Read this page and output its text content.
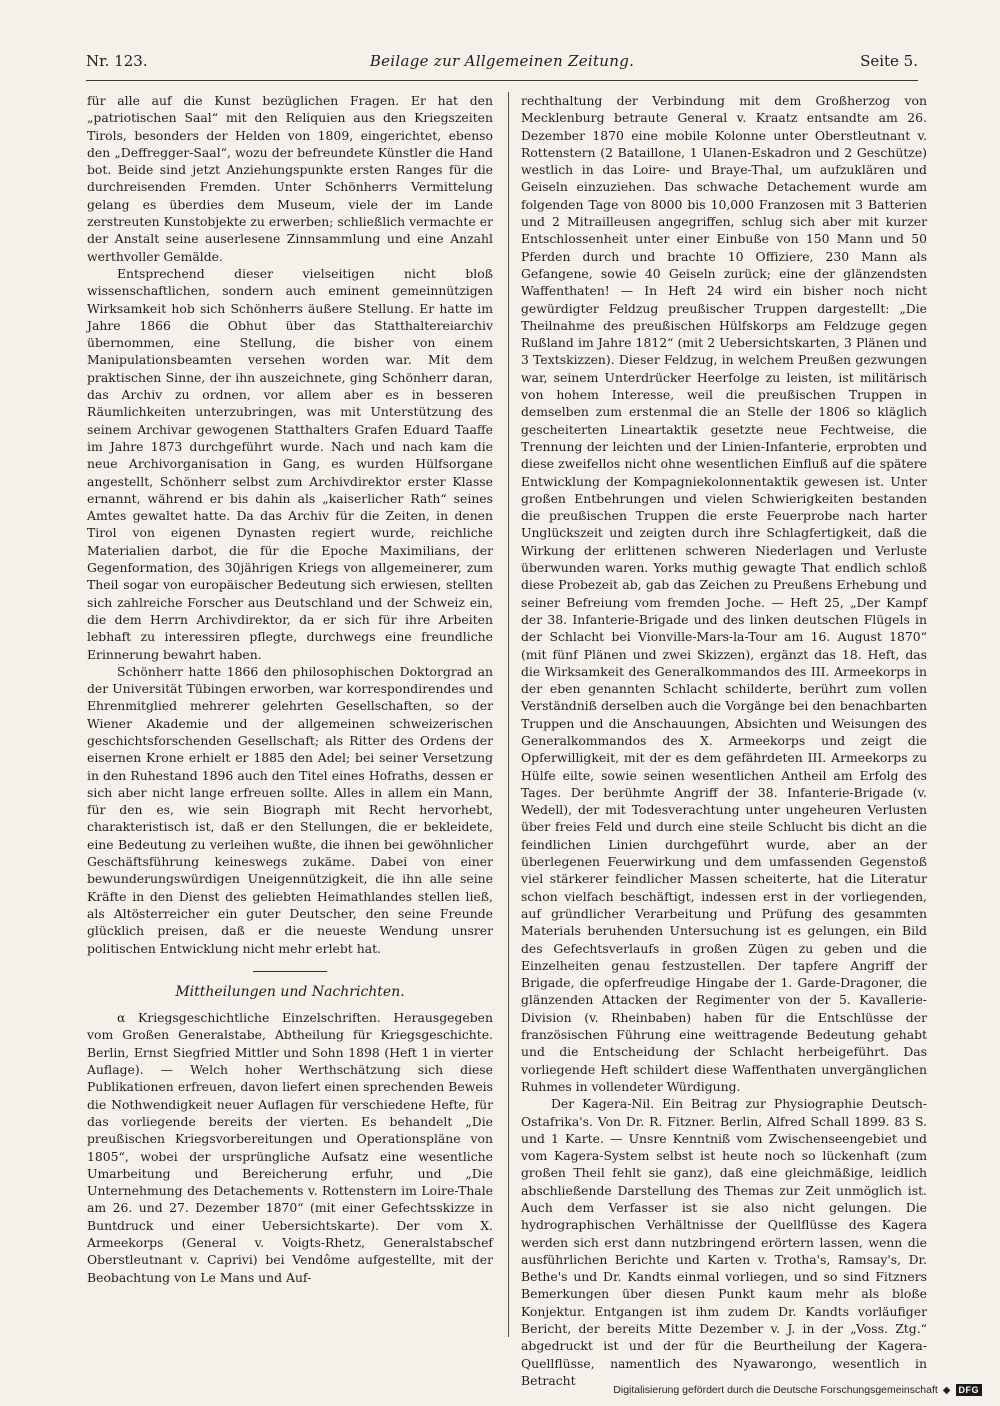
Nr. 123.	Beilage zur Allgemeinen Zeitung.	Seite 5.

für alle auf die Kunst bezüglichen Fragen. Er hat den „patriotischen Saal“ mit den Reliquien aus den Kriegszeiten Tirols, besonders der Helden von 1809, eingerichtet, ebenso den „Deffregger-Saal“, wozu der befreundete Künstler die Hand bot. Beide sind jetzt Anziehungspunkte ersten Ranges für die durchreisenden Fremden. Unter Schönherrs Vermittelung gelang es überdies dem Museum, viele der im Lande zerstreuten Kunstobjekte zu erwerben; schließlich vermachte er der Anstalt seine auserlesene Zinnsammlung und eine Anzahl werthvoller Gemälde.

Entsprechend dieser vielseitigen nicht bloß wissenschaftlichen, sondern auch eminent gemeinnützigen Wirksamkeit hob sich Schönherrs äußere Stellung. Er hatte im Jahre 1866 die Obhut über das Statthaltereiarchiv übernommen, eine Stellung, die bisher von einem Manipulationsbeamten versehen worden war. Mit dem praktischen Sinne, der ihn auszeichnete, ging Schönherr daran, das Archiv zu ordnen, vor allem aber es in besseren Räumlichkeiten unterzubringen, was mit Unterstützung des seinem Archivar gewogenen Statthalters Grafen Eduard Taaffe im Jahre 1873 durchgeführt wurde. Nach und nach kam die neue Archivorganisation in Gang, es wurden Hülfsorgane angestellt, Schönherr selbst zum Archivdirektor erster Klasse ernannt, während er bis dahin als „kaiserlicher Rath“ seines Amtes gewaltet hatte. Da das Archiv für die Zeiten, in denen Tirol von eigenen Dynasten regiert wurde, reichliche Materialien darbot, die für die Epoche Maximilians, der Gegenformation, des 30jährigen Kriegs von allgemeinerer, zum Theil sogar von europäischer Bedeutung sich erwiesen, stellten sich zahlreiche Forscher aus Deutschland und der Schweiz ein, die dem Herrn Archivdirektor, da er sich für ihre Arbeiten lebhaft zu interessiren pflegte, durchwegs eine freundliche Erinnerung bewahrt haben.

Schönherr hatte 1866 den philosophischen Doktorgrad an der Universität Tübingen erworben, war korrespondirendes und Ehrenmitglied mehrerer gelehrten Gesellschaften, so der Wiener Akademie und der allgemeinen schweizerischen geschichtsforschenden Gesellschaft; als Ritter des Ordens der eisernen Krone erhielt er 1885 den Adel; bei seiner Versetzung in den Ruhestand 1896 auch den Titel eines Hofraths, dessen er sich aber nicht lange erfreuen sollte. Alles in allem ein Mann, für den es, wie sein Biograph mit Recht hervorhebt, charakteristisch ist, daß er den Stellungen, die er bekleidete, eine Bedeutung zu verleihen wußte, die ihnen bei gewöhnlicher Geschäftsführung keineswegs zukäme. Dabei von einer bewunderungswürdigen Uneigennützigkeit, die ihn alle seine Kräfte in den Dienst des geliebten Heimathlandes stellen ließ, als Altösterreicher ein guter Deutscher, den seine Freunde glücklich preisen, daß er die neueste Wendung unsrer politischen Entwicklung nicht mehr erlebt hat.

Mittheilungen und Nachrichten.

α Kriegsgeschichtliche Einzelschriften. Herausgegeben vom Großen Generalstabe, Abtheilung für Kriegsgeschichte. Berlin, Ernst Siegfried Mittler und Sohn 1898 (Heft 1 in vierter Auflage). — Welch hoher Werthschätzung sich diese Publikationen erfreuen, davon liefert einen sprechenden Beweis die Nothwendigkeit neuer Auflagen für verschiedene Hefte, für das vorliegende bereits der vierten. Es behandelt „Die preußischen Kriegsvorbereitungen und Operationspläne von 1805“, wobei der ursprüngliche Aufsatz eine wesentliche Umarbeitung und Bereicherung erfuhr, und „Die Unternehmung des Detachements v. Rottenstern im Loire-Thale am 26. und 27. Dezember 1870“ (mit einer Gefechtsskizze in Buntdruck und einer Uebersichtskarte). Der vom X. Armeekorps (General v. Voigts-Rhetz, Generalstabschef Oberstleutnant v. Caprivi) bei Vendôme aufgestellte, mit der Beobachtung von Le Mans und Auf-

rechthaltung der Verbindung mit dem Großherzog von Mecklenburg betraute General v. Kraatz entsandte am 26. Dezember 1870 eine mobile Kolonne unter Oberstleutnant v. Rottenstern (2 Bataillone, 1 Ulanen-Eskadron und 2 Geschütze) westlich in das Loire- und Braye-Thal, um aufzuklären und Geiseln einzuziehen. Das schwache Detachement wurde am folgenden Tage von 8000 bis 10,000 Franzosen mit 3 Batterien und 2 Mitrailleusen angegriffen, schlug sich aber mit kurzer Entschlossenheit unter einer Einbuße von 150 Mann und 50 Pferden durch und brachte 10 Offiziere, 230 Mann als Gefangene, sowie 40 Geiseln zurück; eine der glänzendsten Waffenthaten! — In Heft 24 wird ein bisher noch nicht gewürdigter Feldzug preußischer Truppen dargestellt: „Die Theilnahme des preußischen Hülfskorps am Feldzuge gegen Rußland im Jahre 1812“ (mit 2 Uebersichtskarten, 3 Plänen und 3 Textskizzen). Dieser Feldzug, in welchem Preußen gezwungen war, seinem Unterdrücker Heerfolge zu leisten, ist militärisch von hohem Interesse, weil die preußischen Truppen in demselben zum erstenmal die an Stelle der 1806 so kläglich gescheiterten Lineartaktik gesetzte neue Fechtweise, die Trennung der leichten und der Linien-Infanterie, erprobten und diese zweifellos nicht ohne wesentlichen Einfluß auf die spätere Entwicklung der Kompagniekolonnentaktik gewesen ist. Unter großen Entbehrungen und vielen Schwierigkeiten bestanden die preußischen Truppen die erste Feuerprobe nach harter Unglückszeit und zeigten durch ihre Schlagfertigkeit, daß die Wirkung der erlittenen schweren Niederlagen und Verluste überwunden waren. Yorks muthig gewagte That endlich schloß diese Probezeit ab, gab das Zeichen zu Preußens Erhebung und seiner Befreiung vom fremden Joche. — Heft 25, „Der Kampf der 38. Infanterie-Brigade und des linken deutschen Flügels in der Schlacht bei Vionville-Mars-la-Tour am 16. August 1870“ (mit fünf Plänen und zwei Skizzen), ergänzt das 18. Heft, das die Wirksamkeit des Generalkommandos des III. Armeekorps in der eben genannten Schlacht schilderte, berührt zum vollen Verständniß derselben auch die Vorgänge bei den benachbarten Truppen und die Anschauungen, Absichten und Weisungen des Generalkommandos des X. Armeekorps und zeigt die Opferwilligkeit, mit der es dem gefährdeten III. Armeekorps zu Hülfe eilte, sowie seinen wesentlichen Antheil am Erfolg des Tages. Der berühmte Angriff der 38. Infanterie-Brigade (v. Wedell), der mit Todesverachtung unter ungeheuren Verlusten über freies Feld und durch eine steile Schlucht bis dicht an die feindlichen Linien durchgeführt wurde, aber an der überlegenen Feuerwirkung und dem umfassenden Gegenstoß viel stärkerer feindlicher Massen scheiterte, hat die Literatur schon vielfach beschäftigt, indessen erst in der vorliegenden, auf gründlicher Verarbeitung und Prüfung des gesammten Materials beruhenden Untersuchung ist es gelungen, ein Bild des Gefechtsverlaufs in großen Zügen zu geben und die Einzelheiten genau festzustellen. Der tapfere Angriff der Brigade, die opferfreudige Hingabe der 1. Garde-Dragoner, die glänzenden Attacken der Regimenter von der 5. Kavallerie-Division (v. Rheinbaben) haben für die Entschlüsse der französischen Führung eine weittragende Bedeutung gehabt und die Entscheidung der Schlacht herbeigeführt. Das vorliegende Heft schildert diese Waffenthaten unvergänglichen Ruhmes in vollendeter Würdigung.

Der Kagera-Nil. Ein Beitrag zur Physiographie Deutsch-Ostafrika's. Von Dr. R. Fitzner. Berlin, Alfred Schall 1899. 83 S. und 1 Karte. — Unsre Kenntniß vom Zwischenseengebiet und vom Kagera-System selbst ist heute noch so lückenhaft (zum großen Theil fehlt sie ganz), daß eine gleichmäßige, leidlich abschließende Darstellung des Themas zur Zeit unmöglich ist. Auch dem Verfasser ist sie also nicht gelungen. Die hydrographischen Verhältnisse der Quellflüsse des Kagera werden sich erst dann nutzbringend erörtern lassen, wenn die ausführlichen Berichte und Karten v. Trotha's, Ramsay's, Dr. Bethe's und Dr. Kandts einmal vorliegen, und so sind Fitzners Bemerkungen über diesen Punkt kaum mehr als bloße Konjektur. Entgangen ist ihm zudem Dr. Kandts vorläufiger Bericht, der bereits Mitte Dezember v. J. in der „Voss. Ztg.“ abgedruckt ist und der für die Beurtheilung der Kagera-Quellflüsse, namentlich des Nyawarongo, wesentlich in Betracht

Digitalisierung gefördert durch die Deutsche Forschungsgemeinschaft ◆ DFG
